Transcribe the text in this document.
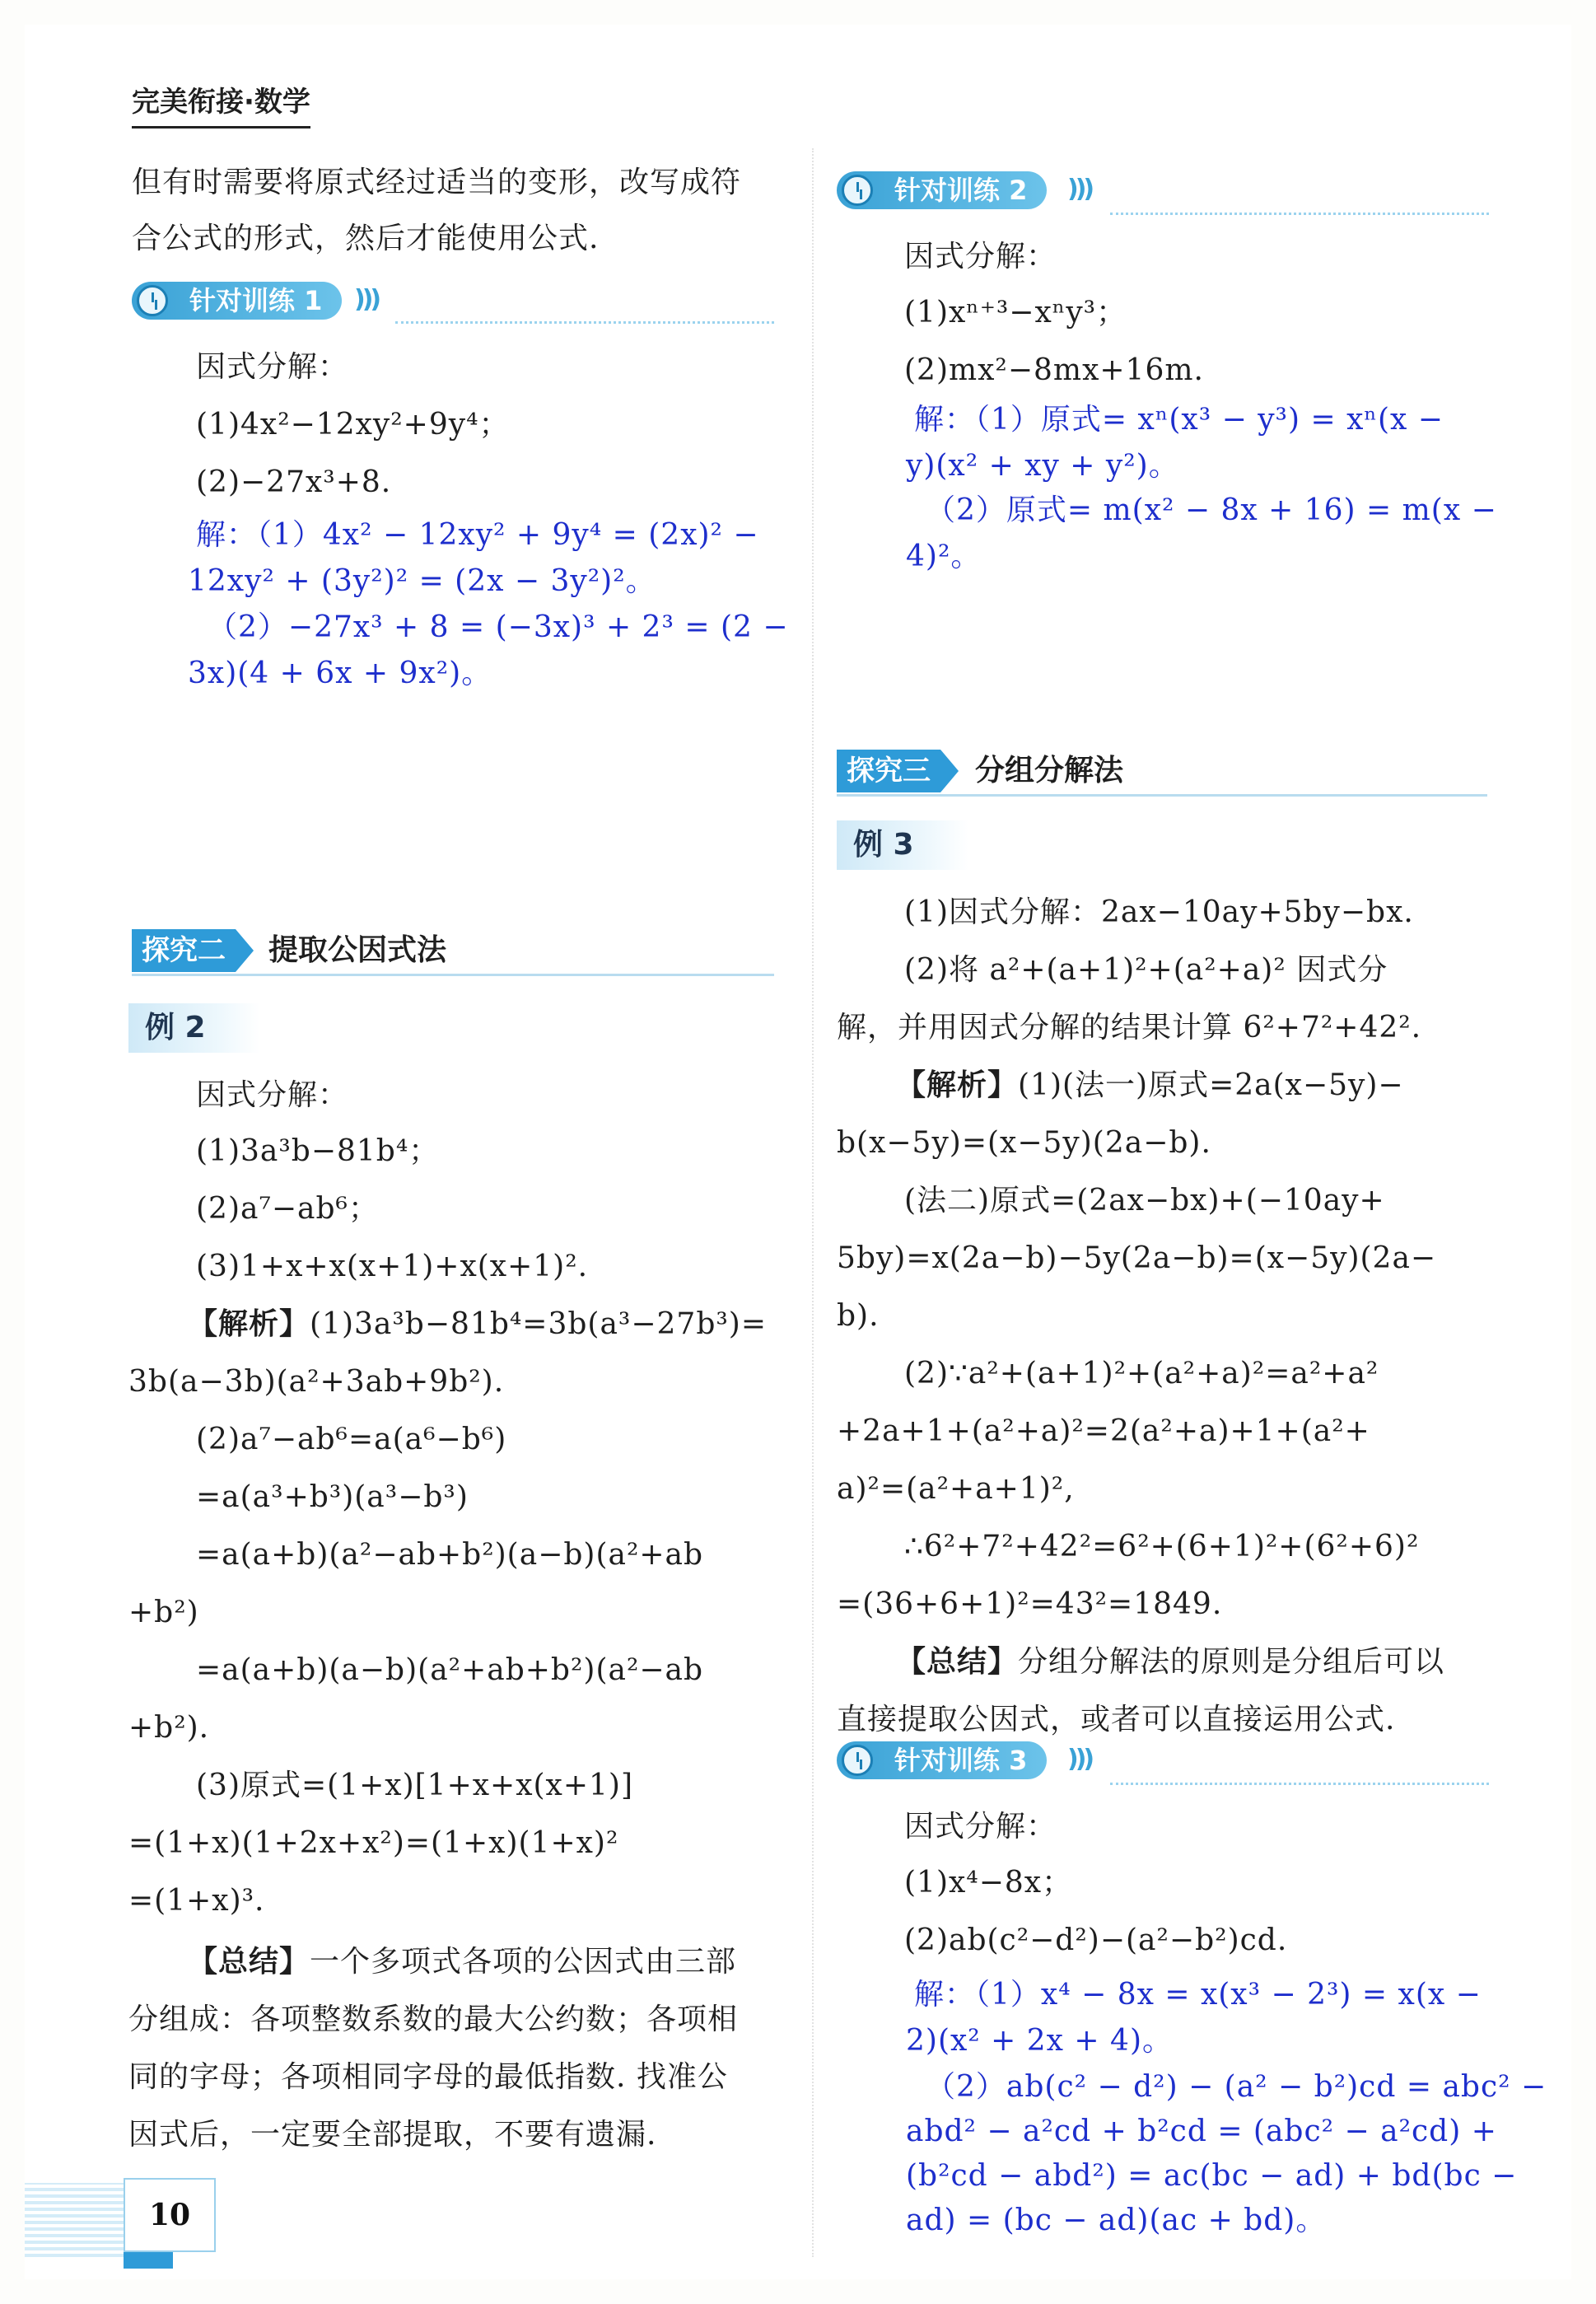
完美衔接·数学
但有时需要将原式经过适当的变形，改写成符
合公式的形式，然后才能使用公式.
针对训练 1	)))
因式分解：
(1)4x²−12xy²+9y⁴；
(2)−27x³+8.
解：（1）4x² − 12xy² + 9y⁴ = (2x)² −
12xy² + (3y²)² = (2x − 3y²)²。
（2）−27x³ + 8 = (−3x)³ + 2³ = (2 −
3x)(4 + 6x + 9x²)。
探究二	提取公因式法
例 2
因式分解：
(1)3a³b−81b⁴；
(2)a⁷−ab⁶；
(3)1+x+x(x+1)+x(x+1)².
【解析】(1)3a³b−81b⁴=3b(a³−27b³)=
3b(a−3b)(a²+3ab+9b²).
(2)a⁷−ab⁶=a(a⁶−b⁶)
=a(a³+b³)(a³−b³)
=a(a+b)(a²−ab+b²)(a−b)(a²+ab
+b²)
=a(a+b)(a−b)(a²+ab+b²)(a²−ab
+b²).
(3)原式=(1+x)[1+x+x(x+1)]
=(1+x)(1+2x+x²)=(1+x)(1+x)²
=(1+x)³.
【总结】一个多项式各项的公因式由三部
分组成：各项整数系数的最大公约数；各项相
同的字母；各项相同字母的最低指数. 找准公
因式后，一定要全部提取，不要有遗漏.
针对训练 2	)))
因式分解：
(1)xⁿ⁺³−xⁿy³；
(2)mx²−8mx+16m.
解：（1）原式= xⁿ(x³ − y³) = xⁿ(x −
y)(x² + xy + y²)。
（2）原式= m(x² − 8x + 16) = m(x −
4)²。
探究三	分组分解法
例 3
(1)因式分解：2ax−10ay+5by−bx.
(2)将 a²+(a+1)²+(a²+a)² 因式分
解，并用因式分解的结果计算 6²+7²+42².
【解析】(1)(法一)原式=2a(x−5y)−
b(x−5y)=(x−5y)(2a−b).
(法二)原式=(2ax−bx)+(−10ay+
5by)=x(2a−b)−5y(2a−b)=(x−5y)(2a−
b).
(2)∵a²+(a+1)²+(a²+a)²=a²+a²
+2a+1+(a²+a)²=2(a²+a)+1+(a²+
a)²=(a²+a+1)²,
∴6²+7²+42²=6²+(6+1)²+(6²+6)²
=(36+6+1)²=43²=1849.
【总结】分组分解法的原则是分组后可以
直接提取公因式，或者可以直接运用公式.
针对训练 3	)))
因式分解：
(1)x⁴−8x；
(2)ab(c²−d²)−(a²−b²)cd.
解：（1）x⁴ − 8x = x(x³ − 2³) = x(x −
2)(x² + 2x + 4)。
（2）ab(c² − d²) − (a² − b²)cd = abc² −
abd² − a²cd + b²cd = (abc² − a²cd) +
(b²cd − abd²) = ac(bc − ad) + bd(bc −
ad) = (bc − ad)(ac + bd)。
10
